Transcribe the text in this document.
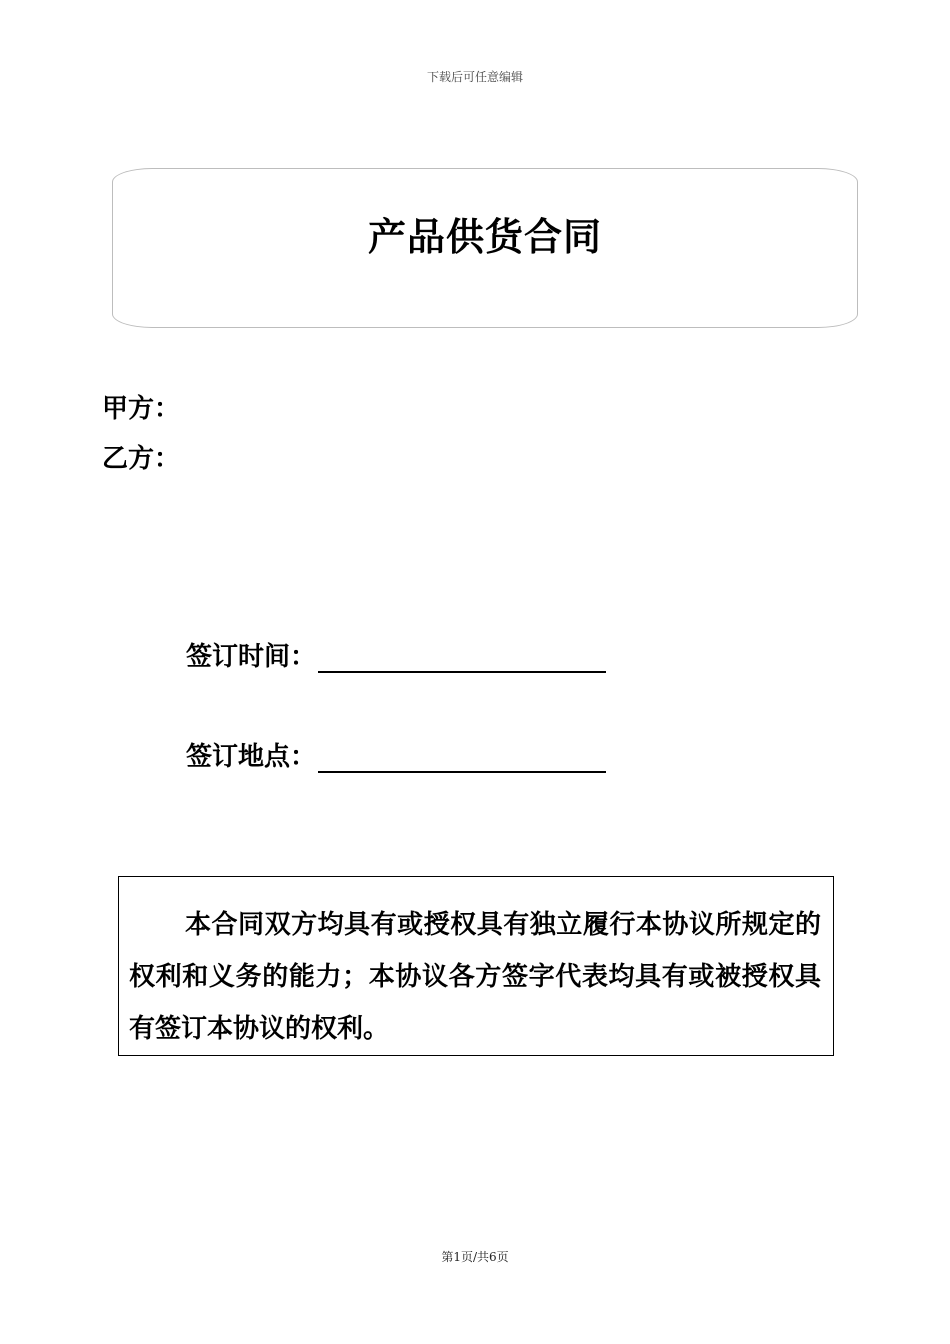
下载后可任意编辑
产品供货合同
甲方：
乙方：
签订时间：
签订地点：
本合同双方均具有或授权具有独立履行本协议所规定的权利和义务的能力；本协议各方签字代表均具有或被授权具有签订本协议的权利。
第1页/共6页
